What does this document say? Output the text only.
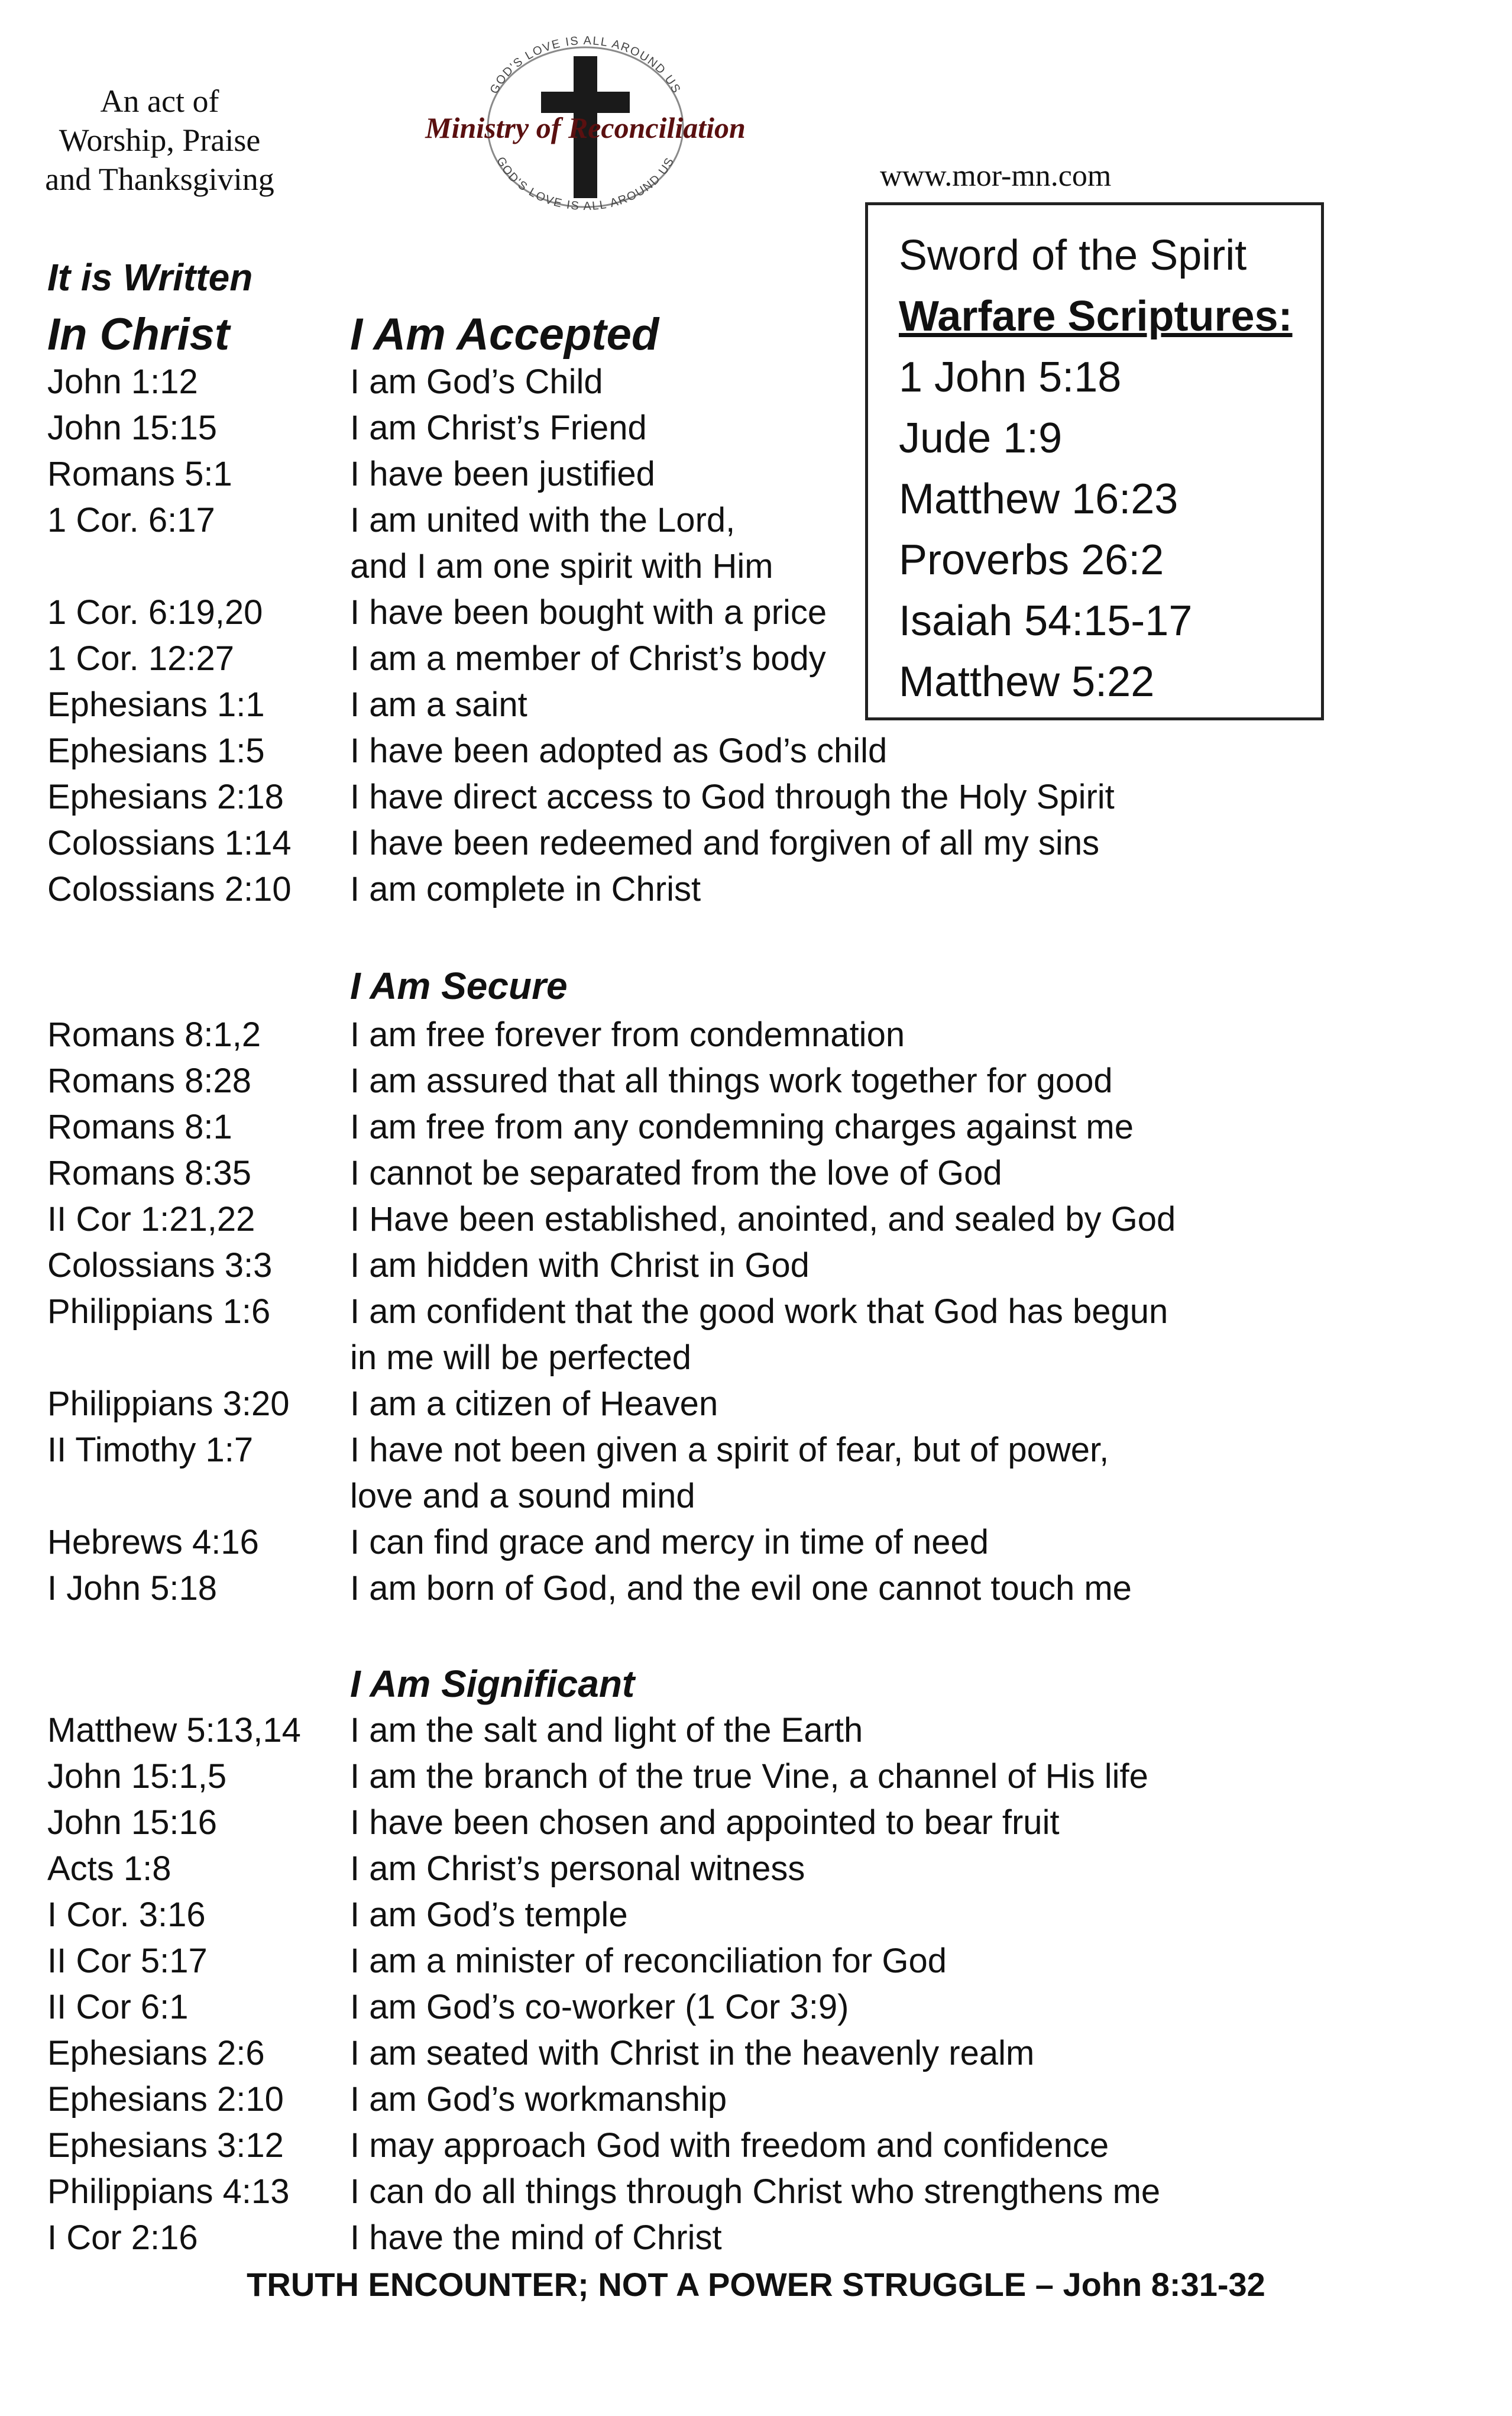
An act of
Worship, Praise
and Thanksgiving
GOD'S LOVE IS ALL AROUND US
GOD'S LOVE IS ALL AROUND US
Ministry of Reconciliation
www.mor-mn.com
Sword of the Spirit
Warfare Scriptures:
1 John 5:18
Jude 1:9
Matthew 16:23
Proverbs 26:2
Isaiah 54:15-17
Matthew 5:22
It is Written
In Christ	I Am Accepted
John 1:12	I am God’s Child
John 15:15	I am Christ’s Friend
Romans 5:1	I have been justified
1 Cor. 6:17	I am united with the Lord,
and I am one spirit with Him
1 Cor. 6:19,20	I have been bought with a price
1 Cor. 12:27	I am a member of Christ’s body
Ephesians 1:1	I am a saint
Ephesians 1:5	I have been adopted as God’s child
Ephesians 2:18	I have direct access to God through the Holy Spirit
Colossians 1:14	I have been redeemed and forgiven of all my sins
Colossians 2:10	I am complete in Christ
I Am Secure
Romans 8:1,2	I am free forever from condemnation
Romans 8:28	I am assured that all things work together for good
Romans 8:1	I am free from any condemning charges against me
Romans 8:35	I cannot be separated from the love of God
II Cor 1:21,22	I Have been established, anointed, and sealed by God
Colossians 3:3	I am hidden with Christ in God
Philippians 1:6	I am confident that the good work that God has begun
in me will be perfected
Philippians 3:20	I am a citizen of Heaven
II Timothy 1:7	I have not been given a spirit of fear, but of power,
love and a sound mind
Hebrews 4:16	I can find grace and mercy in time of need
I John 5:18	I am born of God, and the evil one cannot touch me
I Am Significant
Matthew 5:13,14	I am the salt and light of the Earth
John 15:1,5	I am the branch of the true Vine, a channel of His life
John 15:16	I have been chosen and appointed to bear fruit
Acts 1:8	I am Christ’s personal witness
I Cor. 3:16	I am God’s temple
II Cor 5:17	I am a minister of reconciliation for God
II Cor 6:1	I am God’s co-worker (1 Cor 3:9)
Ephesians 2:6	I am seated with Christ in the heavenly realm
Ephesians 2:10	I am God’s workmanship
Ephesians 3:12	I may approach God with freedom and confidence
Philippians 4:13	I can do all things through Christ who strengthens me
I Cor 2:16	I have the mind of Christ
TRUTH ENCOUNTER; NOT A POWER STRUGGLE – John 8:31-32
